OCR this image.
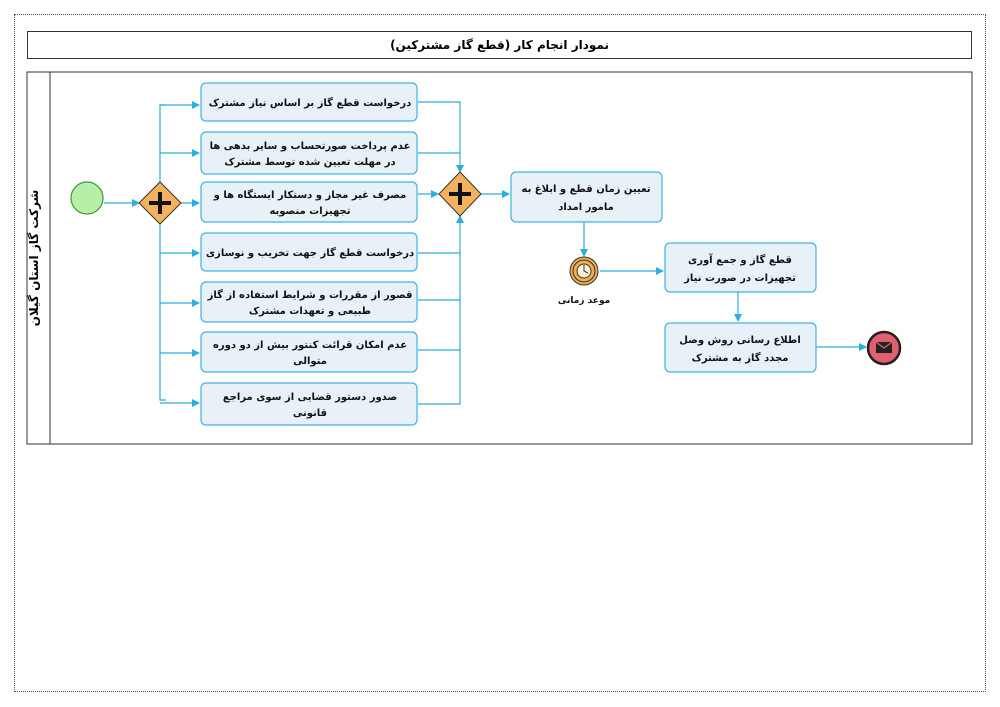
نمودار انجام کار (قطع گاز مشترکین)
شرکت گاز استان گیلان
درخواست قطع گاز بر اساس نیاز مشترک
عدم پرداخت صورتحساب و سایر بدهی ها
در مهلت تعیین شده توسط مشترک
مصرف غیر مجاز و دستکار ایستگاه ها و
تجهیزات منصوبه
درخواست قطع گاز جهت تخریب و نوسازی
قصور از مقررات و شرایط استفاده از گاز
طبیعی و تعهدات مشترک
عدم امکان قرائت کنتور بیش از دو دوره
متوالی
صدور دستور قضایی از سوی مراجع
قانونی
تعیین زمان قطع و ابلاغ به
مامور امداد
قطع گاز و جمع آوری
تجهیزات در صورت نیاز
اطلاع رسانی روش وصل
مجدد گاز به مشترک
موعد زمانی
